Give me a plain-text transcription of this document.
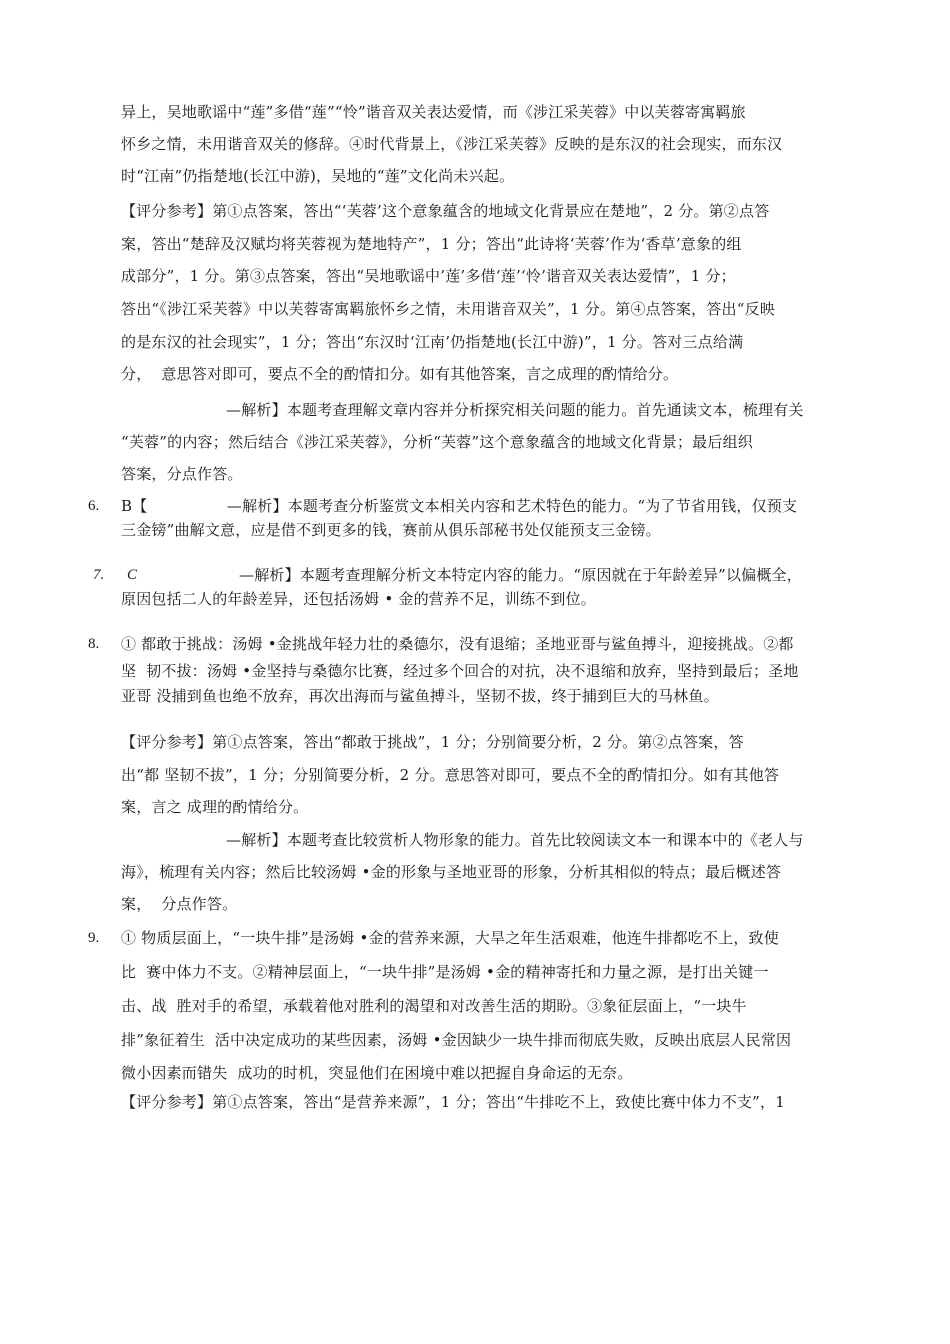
异上，吴地歌谣中“莲”多借“莲”“怜”谐音双关表达爱情，而《涉江采芙蓉》中以芙蓉寄寓羁旅
怀乡之情，未用谐音双关的修辞。④时代背景上，《涉江采芙蓉》反映的是东汉的社会现实，而东汉
时“江南”仍指楚地(长江中游)，吴地的“莲”文化尚未兴起。
【评分参考】第①点答案，答出“‘芙蓉’这个意象蕴含的地域文化背景应在楚地”，2 分。第②点答
案，答出“楚辞及汉赋均将芙蓉视为楚地特产”，1 分；答出“此诗将‘芙蓉’作为‘香草’意象的组
成部分”，1 分。第③点答案，答出“吴地歌谣中’莲’多借‘莲’‘怜’谐音双关表达爱情”，1 分；
答出“《涉江采芙蓉》中以芙蓉寄寓羁旅怀乡之情，未用谐音双关”，1 分。第④点答案，答出“反映
的是东汉的社会现实”，1 分；答出“东汉时‘江南’仍指楚地(长江中游)”，1 分。答对三点给满
分，  意思答对即可，要点不全的酌情扣分。如有其他答案，言之成理的酌情给分。
—解析】本题考查理解文章内容并分析探究相关问题的能力。首先通读文本，梳理有关
“芙蓉”的内容；然后结合《涉江采芙蓉》，分析“芙蓉”这个意象蕴含的地域文化背景；最后组织
答案，分点作答。
6. B【                —解析】本题考查分析鉴赏文本相关内容和艺术特色的能力。“为了节省用钱，仅预支
三金镑”曲解文意，应是借不到更多的钱，赛前从俱乐部秘书处仅能预支三金镑。
7. C	—解析】本题考查理解分析文本特定内容的能力。“原因就在于年龄差异”以偏概全，
原因包括二人的年龄差异，还包括汤姆 • 金的营养不足，训练不到位。
8. ① 都敢于挑战：汤姆 •金挑战年轻力壮的桑德尔，没有退缩；圣地亚哥与鲨鱼搏斗，迎接挑战。②都
坚  韧不拔：汤姆 •金坚持与桑德尔比赛，经过多个回合的对抗，决不退缩和放弃，坚持到最后；圣地
亚哥 没捕到鱼也绝不放弃，再次出海而与鲨鱼搏斗，坚韧不拔，终于捕到巨大的马林鱼。
【评分参考】第①点答案，答出“都敢于挑战”，1 分；分别简要分析，2 分。第②点答案，答
出“都 坚韧不拔”，1 分；分别简要分析，2 分。意思答对即可，要点不全的酌情扣分。如有其他答
案，言之 成理的酌情给分。
—解析】本题考查比较赏析人物形象的能力。首先比较阅读文本一和课本中的《老人与
海》，梳理有关内容；然后比较汤姆 •金的形象与圣地亚哥的形象，分析其相似的特点；最后概述答
案，  分点作答。
9. ① 物质层面上，“一块牛排”是汤姆 •金的营养来源，大旱之年生活艰难，他连牛排都吃不上，致使
比  赛中体力不支。②精神层面上，“一块牛排”是汤姆 •金的精神寄托和力量之源，是打出关键一
击、战  胜对手的希望，承载着他对胜利的渴望和对改善生活的期盼。③象征层面上，“一块牛
排”象征着生  活中决定成功的某些因素，汤姆 •金因缺少一块牛排而彻底失败，反映出底层人民常因
微小因素而错失  成功的时机，突显他们在困境中难以把握自身命运的无奈。
【评分参考】第①点答案，答出“是营养来源”，1 分；答出“牛排吃不上，致使比赛中体力不支”，1
